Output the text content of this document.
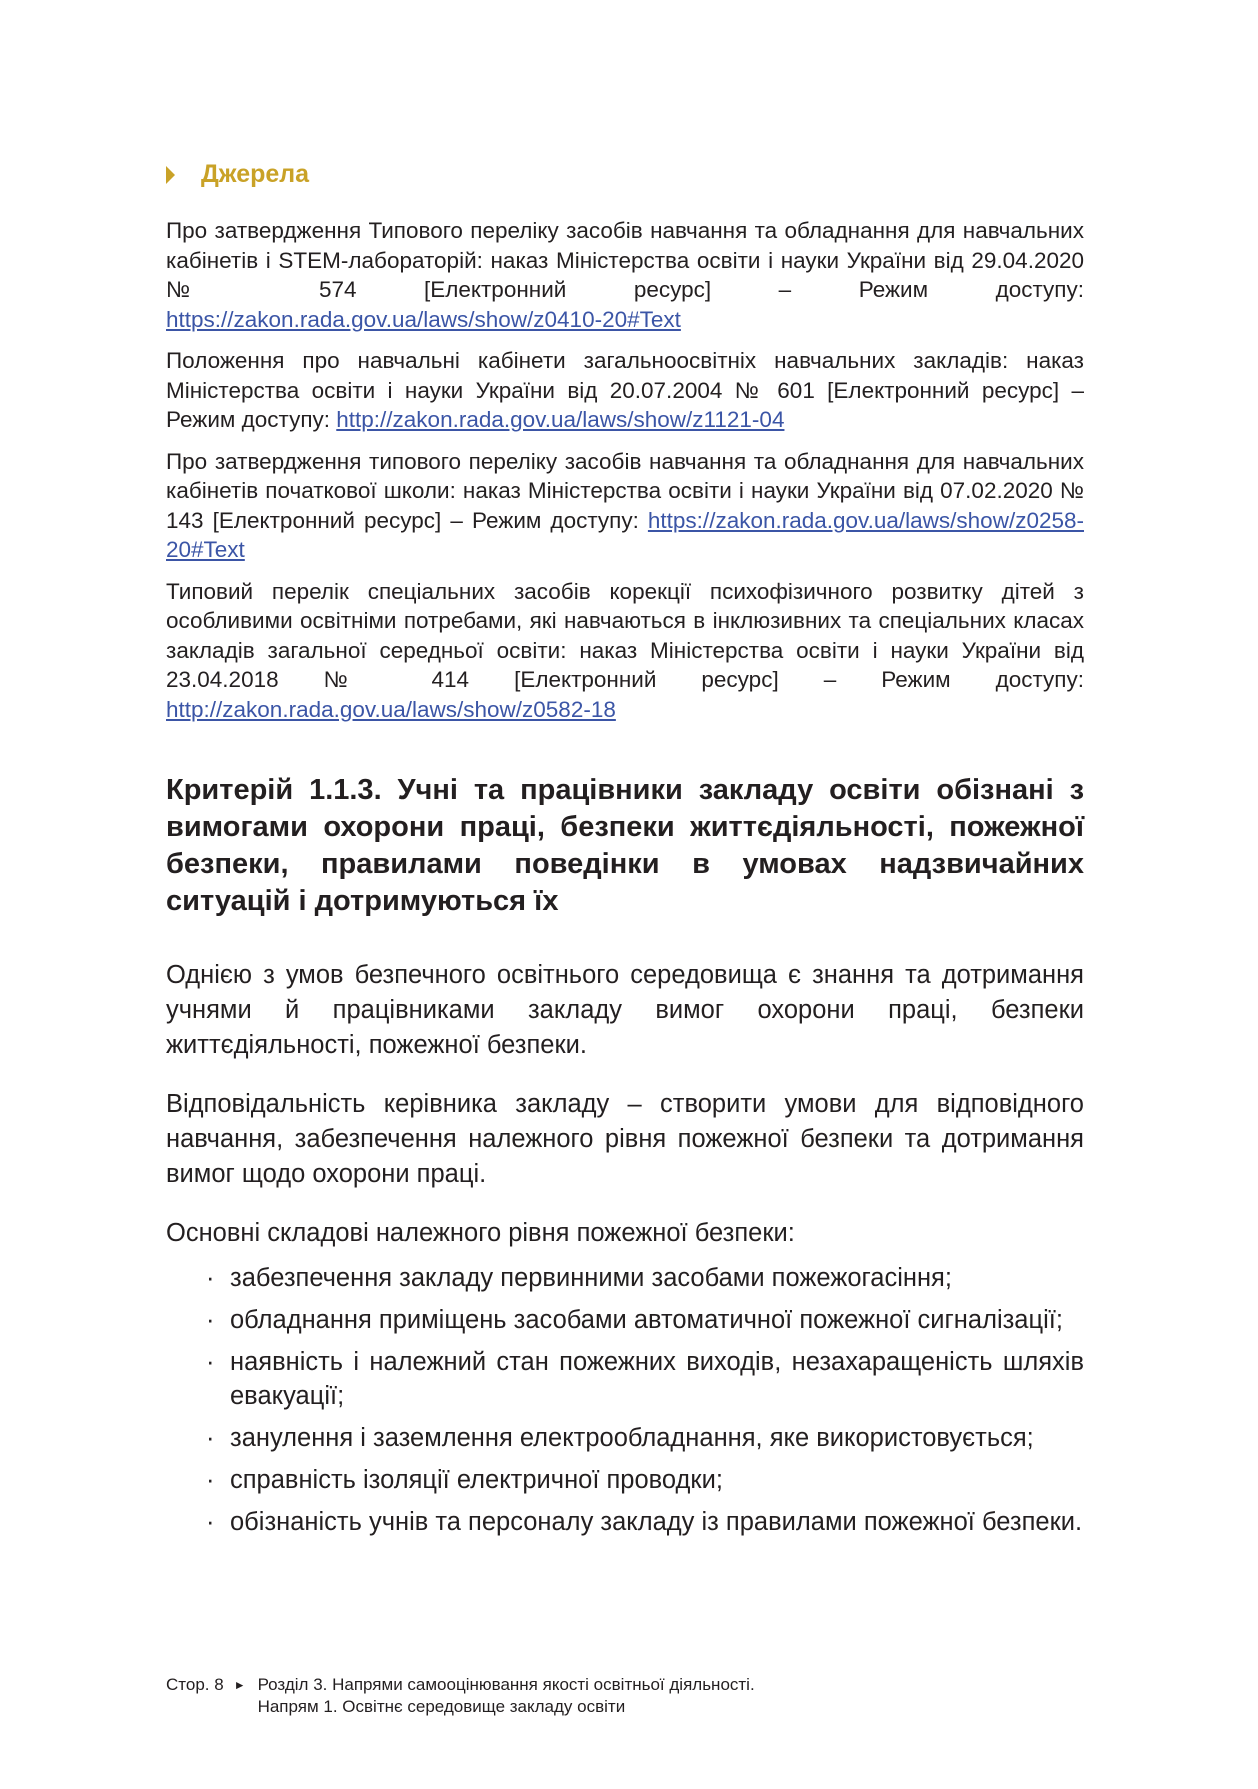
Джерела

Про затвердження Типового переліку засобів навчання та обладнання для навчальних кабінетів і STEM-лабораторій: наказ Міністерства освіти і науки України від 29.04.2020 № 574 [Електронний ресурс] – Режим доступу: https://zakon.rada.gov.ua/laws/show/z0410-20#Text

Положення про навчальні кабінети загальноосвітніх навчальних закладів: наказ Міністерства освіти і науки України від 20.07.2004 № 601 [Електронний ресурс] – Режим доступу: http://zakon.rada.gov.ua/laws/show/z1121-04

Про затвердження типового переліку засобів навчання та обладнання для навчальних кабінетів початкової школи: наказ Міністерства освіти і науки України від 07.02.2020 № 143 [Електронний ресурс] – Режим доступу: https://zakon.rada.gov.ua/laws/show/z0258-20#Text

Типовий перелік спеціальних засобів корекції психофізичного розвитку дітей з особливими освітніми потребами, які навчаються в інклюзивних та спеціальних класах закладів загальної середньої освіти: наказ Міністерства освіти і науки України від 23.04.2018 № 414 [Електронний ресурс] – Режим доступу: http://zakon.rada.gov.ua/laws/show/z0582-18

Критерій 1.1.3. Учні та працівники закладу освіти обізнані з вимогами охорони праці, безпеки життєдіяльності, пожежної безпеки, правилами поведінки в умовах надзвичайних ситуацій і дотримуються їх

Однією з умов безпечного освітнього середовища є знання та дотримання учнями й працівниками закладу вимог охорони праці, безпеки життєдіяльності, пожежної безпеки.

Відповідальність керівника закладу – створити умови для відповідного навчання, забезпечення належного рівня пожежної безпеки та дотримання вимог щодо охорони праці.

Основні складові належного рівня пожежної безпеки:

· забезпечення закладу первинними засобами пожежогасіння;
· обладнання приміщень засобами автоматичної пожежної сигналізації;
· наявність і належний стан пожежних виходів, незахаращеність шляхів евакуації;
· занулення і заземлення електрообладнання, яке використовується;
· справність ізоляції електричної проводки;
· обізнаність учнів та персоналу закладу із правилами пожежної безпеки.
Стор. 8 ► Розділ 3. Напрями самооцінювання якості освітньої діяльності.
Напрям 1. Освітнє середовище закладу освіти
